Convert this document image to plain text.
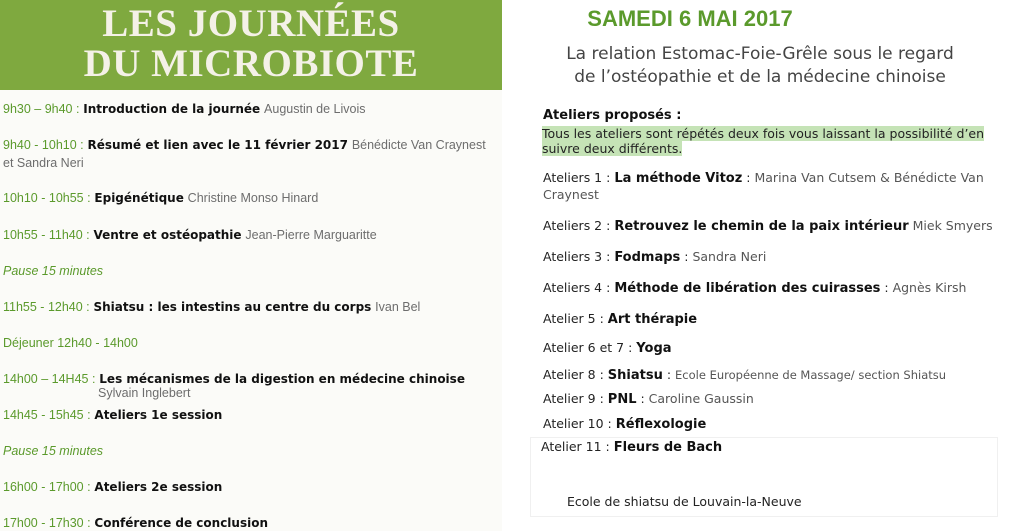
LES JOURNÉES
DU MICROBIOTE
9h30 – 9h40 : Introduction de la journée Augustin de Livois
9h40 - 10h10 : Résumé et lien avec le 11 février 2017 Bénédicte Van Craynest et Sandra Neri
10h10 - 10h55 : Epigénétique Christine Monso Hinard
10h55 - 11h40 : Ventre et ostéopathie Jean-Pierre Marguaritte
Pause 15 minutes
11h55 - 12h40 : Shiatsu : les intestins au centre du corps Ivan Bel
Déjeuner 12h40 - 14h00
14h00 – 14H45 : Les mécanismes de la digestion en médecine chinoise
Sylvain Inglebert
14h45 - 15h45 : Ateliers 1e session
Pause 15 minutes
16h00 - 17h00 : Ateliers 2e session
17h00 - 17h30 : Conférence de conclusion
SAMEDI 6 MAI 2017
La relation Estomac-Foie-Grêle sous le regard
de l’ostéopathie et de la médecine chinoise
Ateliers proposés :
Tous les ateliers sont répétés deux fois vous laissant la possibilité d’en suivre deux différents.
Ateliers 1 : La méthode Vitoz : Marina Van Cutsem & Bénédicte Van Craynest
Ateliers 2 : Retrouvez le chemin de la paix intérieur Miek Smyers
Ateliers 3 : Fodmaps : Sandra Neri
Ateliers 4 : Méthode de libération des cuirasses : Agnès Kirsh
Atelier 5 : Art thérapie
Atelier 6 et 7 : Yoga
Atelier 8 : Shiatsu : Ecole Européenne de Massage/ section Shiatsu
Atelier 9 : PNL : Caroline Gaussin
Atelier 10 : Réflexologie
Atelier 11 : Fleurs de Bach
Ecole de shiatsu de Louvain-la-Neuve
